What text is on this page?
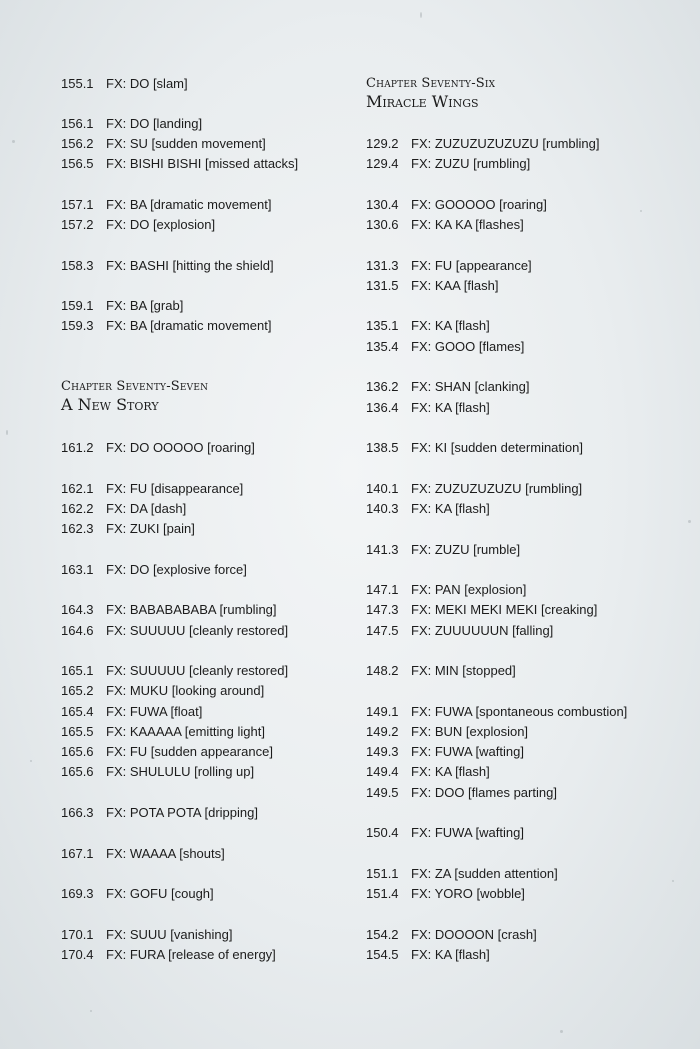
155.1 FX: DO [slam]
156.1 FX: DO [landing]
156.2 FX: SU [sudden movement]
156.5 FX: BISHI BISHI [missed attacks]
157.1 FX: BA [dramatic movement]
157.2 FX: DO [explosion]
158.3 FX: BASHI [hitting the shield]
159.1 FX: BA [grab]
159.3 FX: BA [dramatic movement]
Chapter Seventy-Seven
A New Story
161.2 FX: DO OOOOO [roaring]
162.1 FX: FU [disappearance]
162.2 FX: DA [dash]
162.3 FX: ZUKI [pain]
163.1 FX: DO [explosive force]
164.3 FX: BABABABABA [rumbling]
164.6 FX: SUUUUU [cleanly restored]
165.1 FX: SUUUUU [cleanly restored]
165.2 FX: MUKU [looking around]
165.4 FX: FUWA [float]
165.5 FX: KAAAAA [emitting light]
165.6 FX: FU [sudden appearance]
165.6 FX: SHULULU [rolling up]
166.3 FX: POTA POTA [dripping]
167.1 FX: WAAAA [shouts]
169.3 FX: GOFU [cough]
170.1 FX: SUUU [vanishing]
170.4 FX: FURA [release of energy]
Chapter Seventy-Six
Miracle Wings
129.2 FX: ZUZUZUZUZUZU [rumbling]
129.4 FX: ZUZU [rumbling]
130.4 FX: GOOOOO [roaring]
130.6 FX: KA KA [flashes]
131.3 FX: FU [appearance]
131.5 FX: KAA [flash]
135.1 FX: KA [flash]
135.4 FX: GOOO [flames]
136.2 FX: SHAN [clanking]
136.4 FX: KA [flash]
138.5 FX: KI [sudden determination]
140.1 FX: ZUZUZUZUZU [rumbling]
140.3 FX: KA [flash]
141.3 FX: ZUZU [rumble]
147.1 FX: PAN [explosion]
147.3 FX: MEKI MEKI MEKI [creaking]
147.5 FX: ZUUUUUUN [falling]
148.2 FX: MIN [stopped]
149.1 FX: FUWA [spontaneous combustion]
149.2 FX: BUN [explosion]
149.3 FX: FUWA [wafting]
149.4 FX: KA [flash]
149.5 FX: DOO [flames parting]
150.4 FX: FUWA [wafting]
151.1 FX: ZA [sudden attention]
151.4 FX: YORO [wobble]
154.2 FX: DOOOON [crash]
154.5 FX: KA [flash]
